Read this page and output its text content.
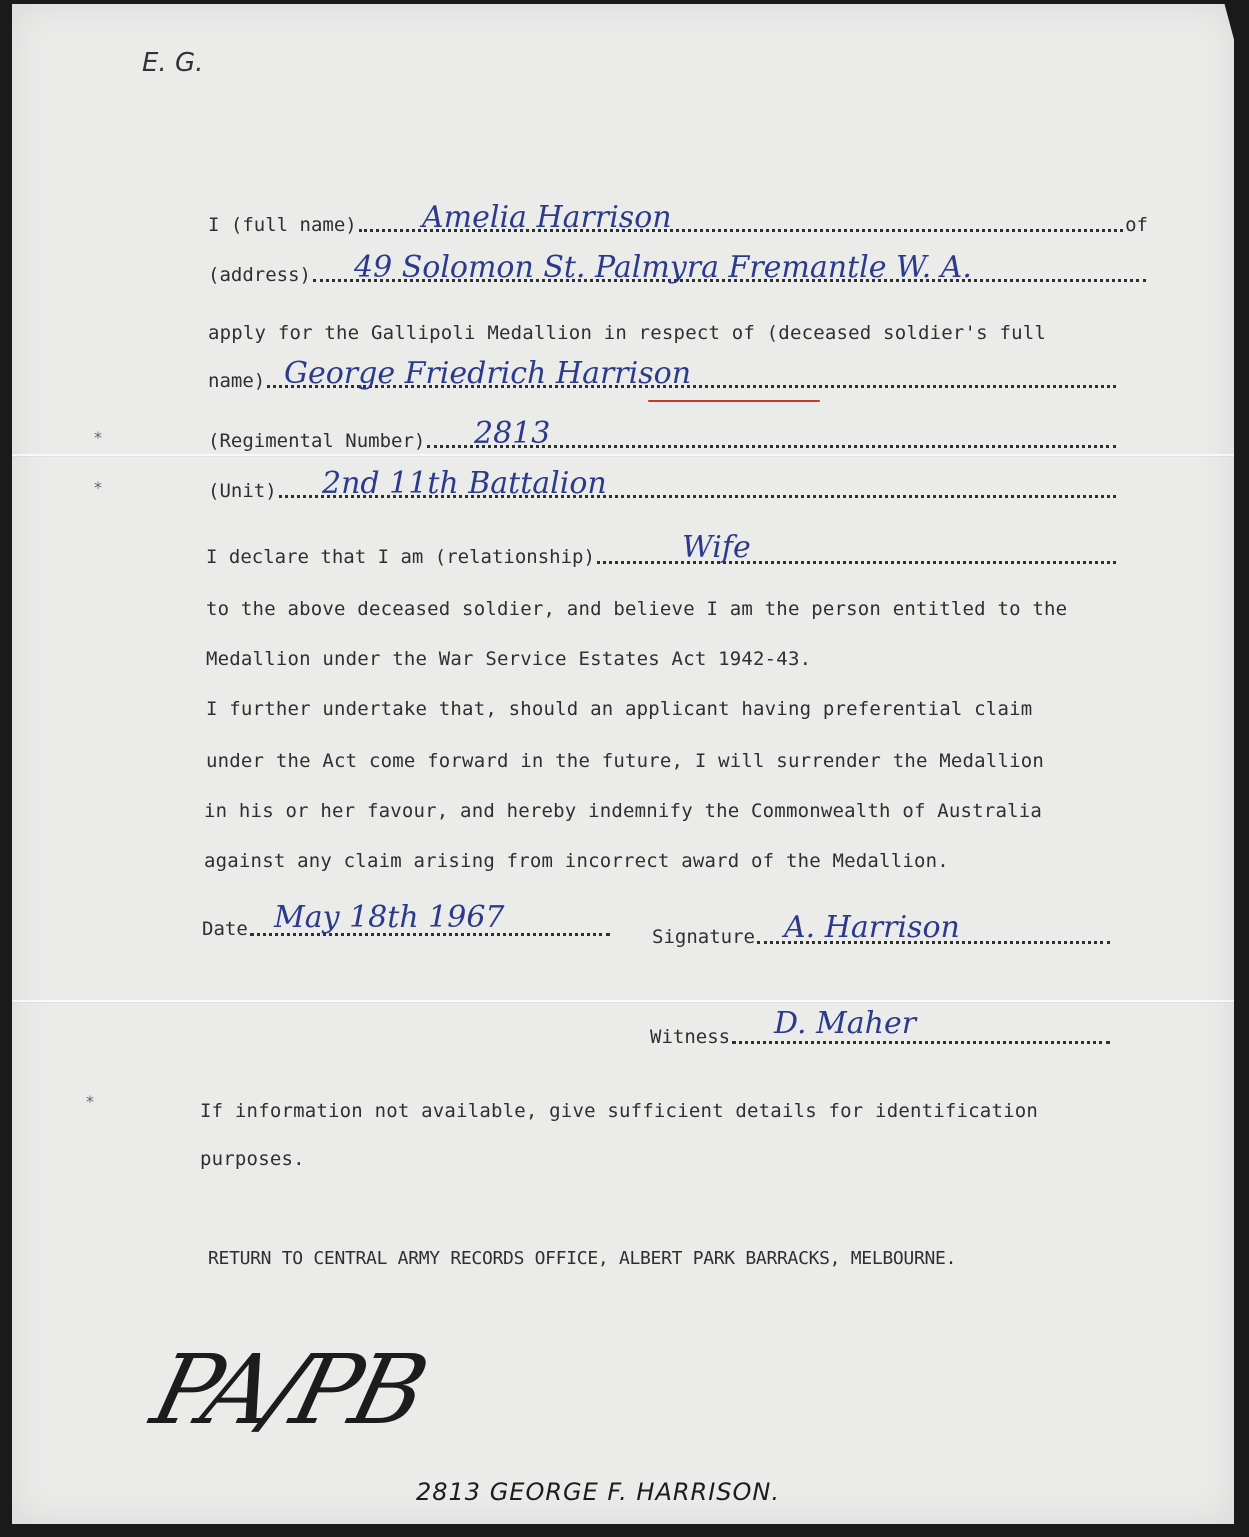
E. G.
*
*
*
I (full name)	of
Amelia Harrison
(address) 49 Solomon St. Palmyra Fremantle W. A.
apply for the Gallipoli Medallion in respect of (deceased soldier's full
name) George Friedrich Harrison
(Regimental Number) 2813
(Unit) 2nd 11th Battalion
I declare that I am (relationship)	Wife
to the above deceased soldier, and believe I am the person entitled to the
Medallion under the War Service Estates Act 1942-43.
I further undertake that, should an applicant having preferential claim
under the Act come forward in the future, I will surrender the Medallion
in his or her favour, and hereby indemnify the Commonwealth of Australia
against any claim arising from incorrect award of the Medallion.
Date May 18th 1967
Signature A. Harrison
Witness D. Maher
If information not available, give sufficient details for identification
purposes.
RETURN TO CENTRAL ARMY RECORDS OFFICE, ALBERT PARK BARRACKS, MELBOURNE.
PA/PB
2813 GEORGE F. HARRISON.
